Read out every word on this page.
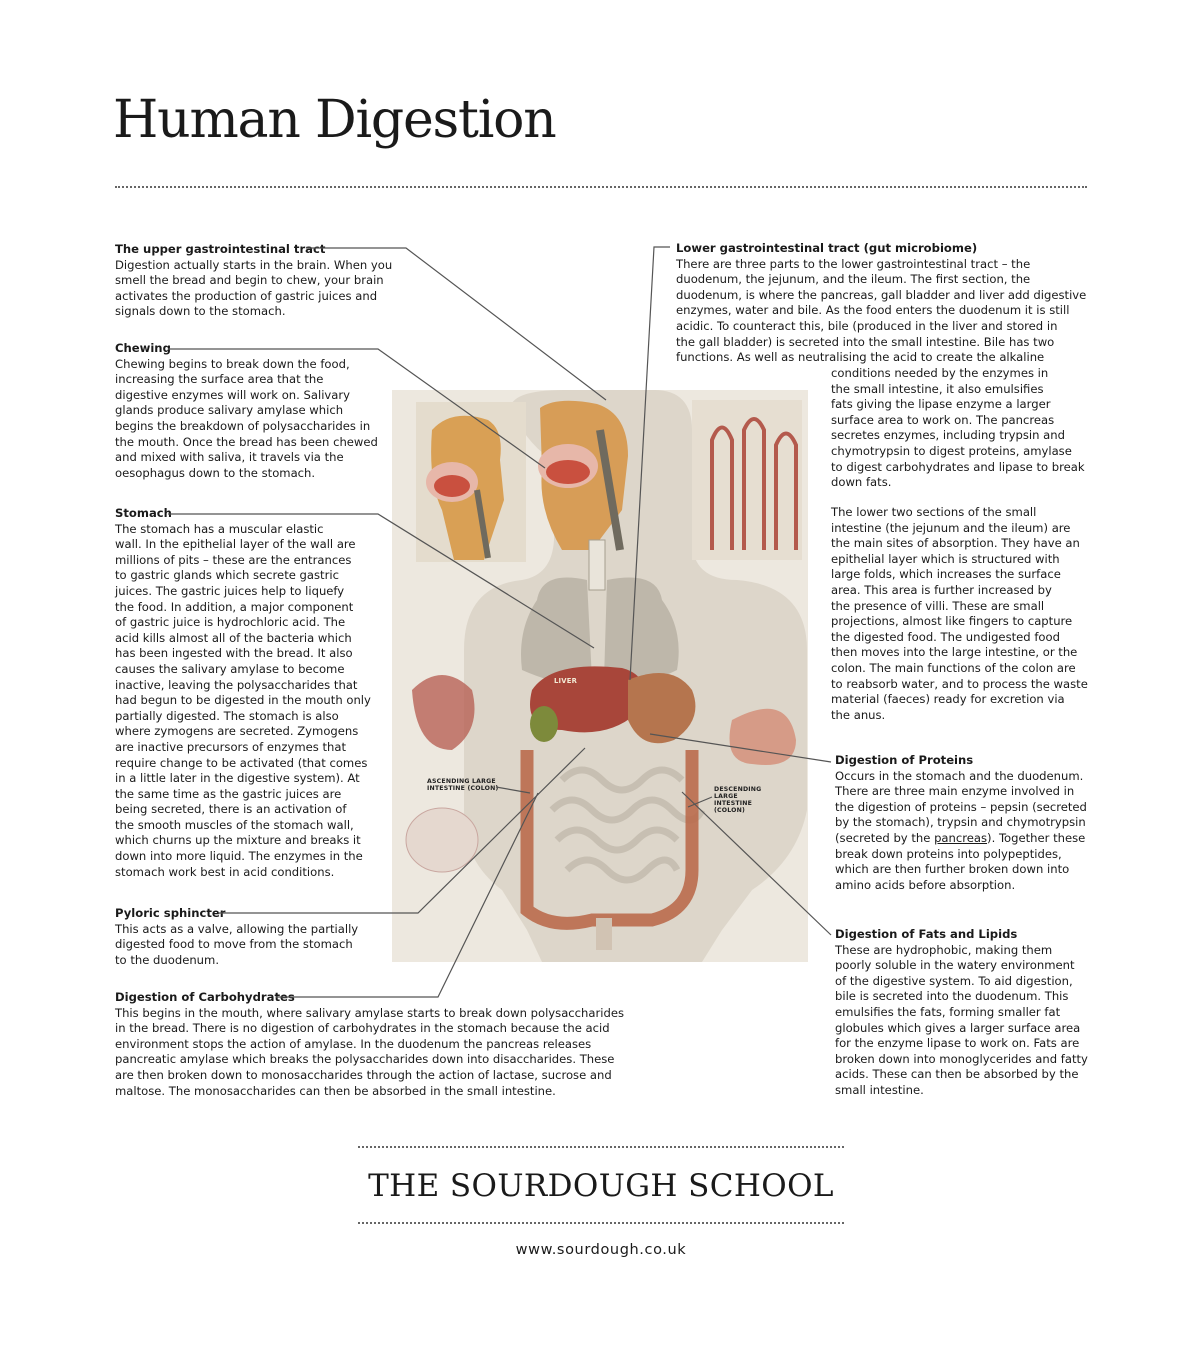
Human Digestion
The upper gastrointestinal tract

Digestion actually starts in the brain. When you
smell the bread and begin to chew, your brain
activates the production of gastric juices and
signals down to the stomach.

Chewing

Chewing begins to break down the food,
increasing the surface area that the
digestive enzymes will work on. Salivary
glands produce salivary amylase which
begins the breakdown of polysaccharides in
the mouth. Once the bread has been chewed
and mixed with saliva, it travels via the
oesophagus down to the stomach.

Stomach

The stomach has a muscular elastic
wall. In the epithelial layer of the wall are
millions of pits – these are the entrances
to gastric glands which secrete gastric
juices. The gastric juices help to liquefy
the food. In addition, a major component
of gastric juice is hydrochloric acid. The
acid kills almost all of the bacteria which
has been ingested with the bread. It also
causes the salivary amylase to become
inactive, leaving the polysaccharides that
had begun to be digested in the mouth only
partially digested. The stomach is also
where zymogens are secreted. Zymogens
are inactive precursors of enzymes that
require change to be activated (that comes
in a little later in the digestive system). At
the same time as the gastric juices are
being secreted, there is an activation of
the smooth muscles of the stomach wall,
which churns up the mixture and breaks it
down into more liquid. The enzymes in the
stomach work best in acid conditions.

Pyloric sphincter

This acts as a valve, allowing the partially
digested food to move from the stomach
to the duodenum.

Digestion of Carbohydrates

This begins in the mouth, where salivary amylase starts to break down polysaccharides
in the bread. There is no digestion of carbohydrates in the stomach because the acid
environment stops the action of amylase. In the duodenum the pancreas releases
pancreatic amylase which breaks the polysaccharides down into disaccharides. These
are then broken down to monosaccharides through the action of lactase, sucrose and
maltose. The monosaccharides can then be absorbed in the small intestine.

Lower gastrointestinal tract (gut microbiome)

There are three parts to the lower gastrointestinal tract – the
duodenum, the jejunum, and the ileum. The first section, the
duodenum, is where the pancreas, gall bladder and liver add digestive
enzymes, water and bile. As the food enters the duodenum it is still
acidic. To counteract this, bile (produced in the liver and stored in
the gall bladder) is secreted into the small intestine. Bile has two
functions. As well as neutralising the acid to create the alkaline

conditions needed by the enzymes in
the small intestine, it also emulsifies
fats giving the lipase enzyme a larger
surface area to work on. The pancreas
secretes enzymes, including trypsin and
chymotrypsin to digest proteins, amylase
to digest carbohydrates and lipase to break
down fats.

The lower two sections of the small
intestine (the jejunum and the ileum) are
the main sites of absorption. They have an
epithelial layer which is structured with
large folds, which increases the surface
area. This area is further increased by
the presence of villi. These are small
projections, almost like fingers to capture
the digested food. The undigested food
then moves into the large intestine, or the
colon. The main functions of the colon are
to reabsorb water, and to process the waste
material (faeces) ready for excretion via
the anus.

Digestion of Proteins

Occurs in the stomach and the duodenum.
There are three main enzyme involved in
the digestion of proteins – pepsin (secreted
by the stomach), trypsin and chymotrypsin
(secreted by the pancreas). Together these
break down proteins into polypeptides,
which are then further broken down into
amino acids before absorption.

Digestion of Fats and Lipids

These are hydrophobic, making them
poorly soluble in the watery environment
of the digestive system. To aid digestion,
bile is secreted into the duodenum. This
emulsifies the fats, forming smaller fat
globules which gives a larger surface area
for the enzyme lipase to work on. Fats are
broken down into monoglycerides and fatty
acids. These can then be absorbed by the
small intestine.

LIVER
ASCENDING LARGE
INTESTINE (COLON)	DESCENDING
LARGE
INTESTINE
(COLON)
THE SOURDOUGH SCHOOL
www.sourdough.co.uk
